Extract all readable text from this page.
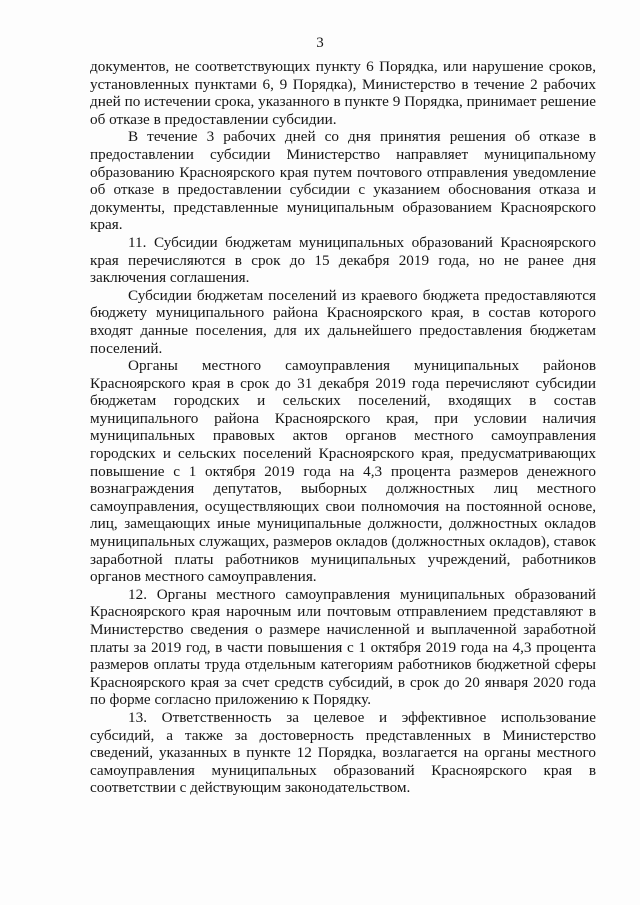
3

документов, не соответствующих пункту 6 Порядка, или нарушение сроков, установленных пунктами 6, 9 Порядка), Министерство в течение 2 рабочих дней по истечении срока, указанного в пункте 9 Порядка, принимает решение об отказе в предоставлении субсидии.

В течение 3 рабочих дней со дня принятия решения об отказе в предоставлении субсидии Министерство направляет муниципальному образованию Красноярского края путем почтового отправления уведомление об отказе в предоставлении субсидии с указанием обоснования отказа и документы, представленные муниципальным образованием Красноярского края.

11. Субсидии бюджетам муниципальных образований Красноярского края перечисляются в срок до 15 декабря 2019 года, но не ранее дня заключения соглашения.

Субсидии бюджетам поселений из краевого бюджета предоставляются бюджету муниципального района Красноярского края, в состав которого входят данные поселения, для их дальнейшего предоставления бюджетам поселений.

Органы местного самоуправления муниципальных районов Красноярского края в срок до 31 декабря 2019 года перечисляют субсидии бюджетам городских и сельских поселений, входящих в состав муниципального района Красноярского края, при условии наличия муниципальных правовых актов органов местного самоуправления городских и сельских поселений Красноярского края, предусматривающих повышение с 1 октября 2019 года на 4,3 процента размеров денежного вознаграждения депутатов, выборных должностных лиц местного самоуправления, осуществляющих свои полномочия на постоянной основе, лиц, замещающих иные муниципальные должности, должностных окладов муниципальных служащих, размеров окладов (должностных окладов), ставок заработной платы работников муниципальных учреждений, работников органов местного самоуправления.

12. Органы местного самоуправления муниципальных образований Красноярского края нарочным или почтовым отправлением представляют в Министерство сведения о размере начисленной и выплаченной заработной платы за 2019 год, в части повышения с 1 октября 2019 года на 4,3 процента размеров оплаты труда отдельным категориям работников бюджетной сферы Красноярского края за счет средств субсидий, в срок до 20 января 2020 года по форме согласно приложению к Порядку.

13. Ответственность за целевое и эффективное использование субсидий, а также за достоверность представленных в Министерство сведений, указанных в пункте 12 Порядка, возлагается на органы местного самоуправления муниципальных образований Красноярского края в соответствии с действующим законодательством.
